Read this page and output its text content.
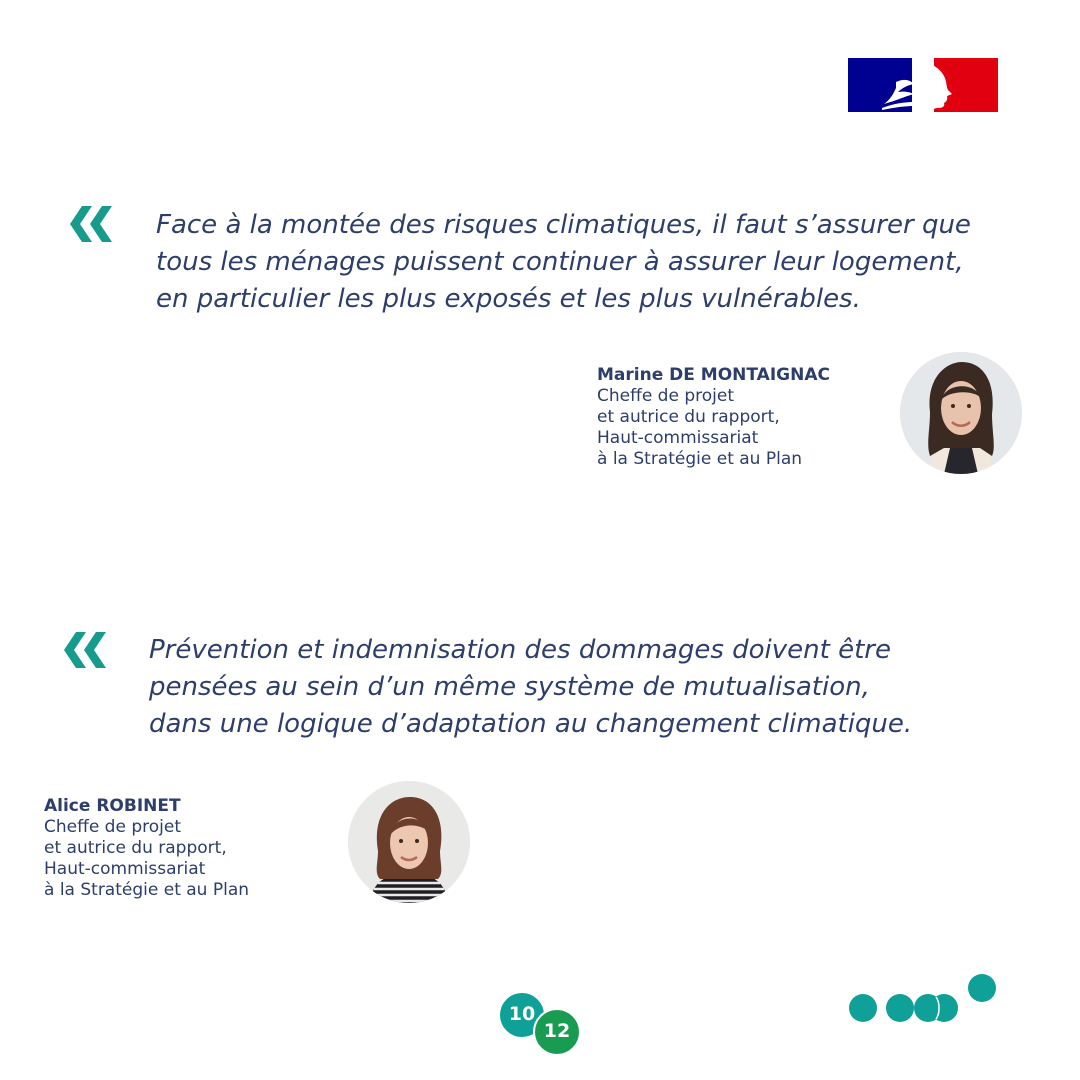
Face à la montée des risques climatiques, il faut s’assurer que
tous les ménages puissent continuer à assurer leur logement,
en particulier les plus exposés et les plus vulnérables.
Marine DE MONTAIGNAC
Cheffe de projet
et autrice du rapport,
Haut-commissariat
à la Stratégie et au Plan
Prévention et indemnisation des dommages doivent être
pensées au sein d’un même système de mutualisation,
dans une logique d’adaptation au changement climatique.
Alice ROBINET
Cheffe de projet
et autrice du rapport,
Haut-commissariat
à la Stratégie et au Plan
10
12
